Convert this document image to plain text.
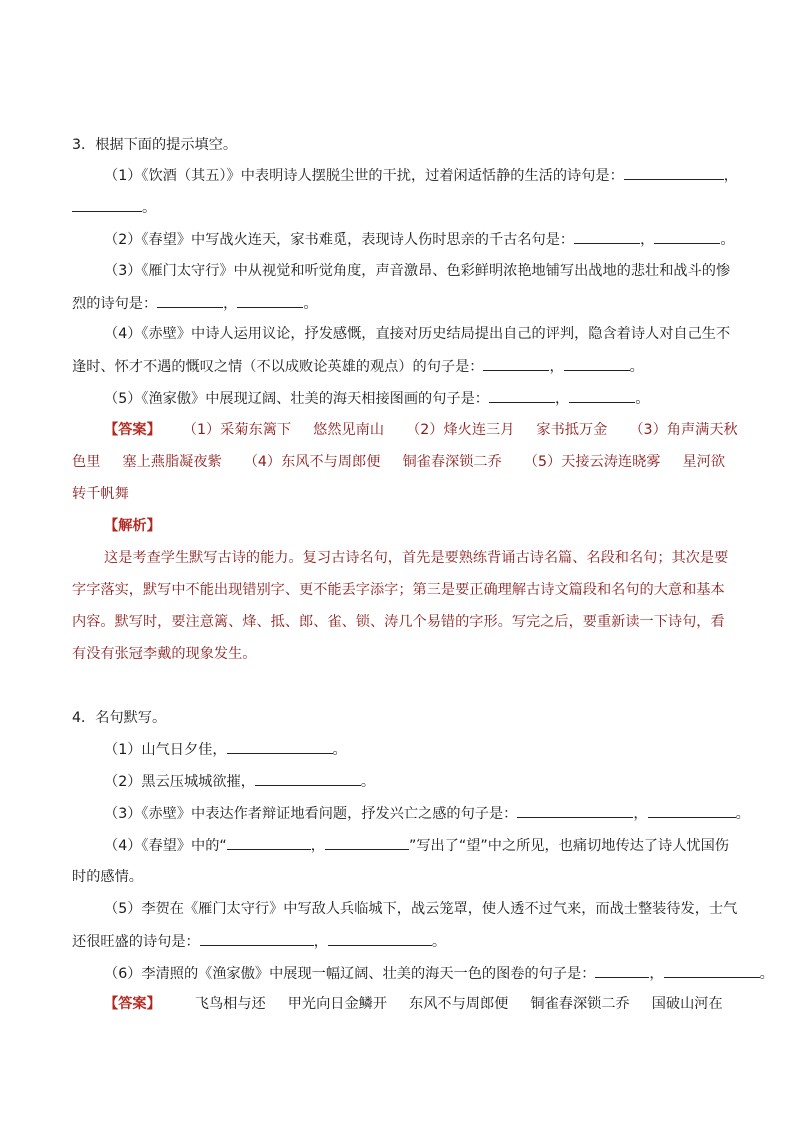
3．根据下面的提示填空。
（1）《饮酒（其五）》中表明诗人摆脱尘世的干扰，过着闲适恬静的生活的诗句是：	，
。
（2）《春望》中写战火连天，家书难觅，表现诗人伤时思亲的千古名句是：	，	。
（3）《雁门太守行》中从视觉和听觉角度，声音激昂、色彩鲜明浓艳地铺写出战地的悲壮和战斗的惨
烈的诗句是：	，	。
（4）《赤壁》中诗人运用议论，抒发感慨，直接对历史结局提出自己的评判，隐含着诗人对自己生不
逢时、怀才不遇的慨叹之情（不以成败论英雄的观点）的句子是：	，	。
（5）《渔家傲》中展现辽阔、壮美的海天相接图画的句子是：	，	。
【答案】 （1）采菊东篱下 悠然见南山 （2）烽火连三月 家书抵万金 （3）角声满天秋
色里 塞上燕脂凝夜紫 （4）东风不与周郎便 铜雀春深锁二乔 （5）天接云涛连晓雾 星河欲
转千帆舞
【解析】
这是考查学生默写古诗的能力。复习古诗名句，首先是要熟练背诵古诗名篇、名段和名句；其次是要
字字落实，默写中不能出现错别字、更不能丢字添字；第三是要正确理解古诗文篇段和名句的大意和基本
内容。默写时，要注意篱、烽、抵、郎、雀、锁、涛几个易错的字形。写完之后，要重新读一下诗句，看
有没有张冠李戴的现象发生。
4．名句默写。
（1）山气日夕佳，	。
（2）黑云压城城欲摧，	。
（3）《赤壁》中表达作者辩证地看问题，抒发兴亡之感的句子是：	，	。
（4）《春望》中的“	，	”写出了“望”中之所见，也痛切地传达了诗人忧国伤
时的感情。
（5）李贺在《雁门太守行》中写敌人兵临城下，战云笼罩，使人透不过气来，而战士整装待发，士气
还很旺盛的诗句是：	，	。
（6）李清照的《渔家傲》中展现一幅辽阔、壮美的海天一色的图卷的句子是：	，	。
【答案】 飞鸟相与还 甲光向日金鳞开 东风不与周郎便 铜雀春深锁二乔 国破山河在
